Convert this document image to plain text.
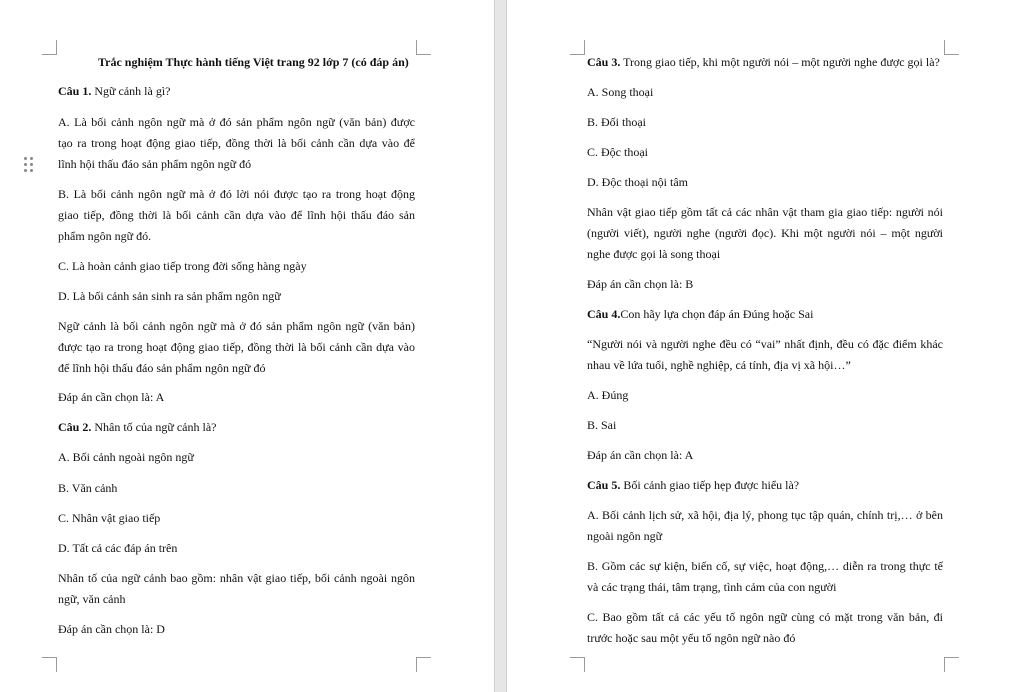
Trắc nghiệm Thực hành tiếng Việt trang 92 lớp 7 (có đáp án)
Câu 1. Ngữ cảnh là gì?
A. Là bối cảnh ngôn ngữ mà ở đó sản phẩm ngôn ngữ (văn bản) được
tạo ra trong hoạt động giao tiếp, đồng thời là bối cảnh cần dựa vào để
lĩnh hội thấu đáo sản phẩm ngôn ngữ đó
B. Là bối cảnh ngôn ngữ mà ở đó lời nói được tạo ra trong hoạt động
giao tiếp, đồng thời là bối cảnh cần dựa vào để lĩnh hội thấu đáo sản
phẩm ngôn ngữ đó.
C. Là hoàn cảnh giao tiếp trong đời sống hàng ngày
D. Là bối cảnh sản sinh ra sản phẩm ngôn ngữ
Ngữ cảnh là bối cảnh ngôn ngữ mà ở đó sản phẩm ngôn ngữ (văn bản)
được tạo ra trong hoạt động giao tiếp, đồng thời là bối cảnh cần dựa vào
để lĩnh hội thấu đáo sản phẩm ngôn ngữ đó
Đáp án cần chọn là: A
Câu 2. Nhân tố của ngữ cảnh là?
A. Bối cảnh ngoài ngôn ngữ
B. Văn cảnh
C. Nhân vật giao tiếp
D. Tất cả các đáp án trên
Nhân tố của ngữ cảnh bao gồm: nhân vật giao tiếp, bối cảnh ngoài ngôn
ngữ, văn cảnh
Đáp án cần chọn là: D
Câu 3. Trong giao tiếp, khi một người nói – một người nghe được gọi là?
A. Song thoại
B. Đối thoại
C. Độc thoại
D. Độc thoại nội tâm
Nhân vật giao tiếp gồm tất cả các nhân vật tham gia giao tiếp: người nói
(người viết), người nghe (người đọc). Khi một người nói – một người
nghe được gọi là song thoại
Đáp án cần chọn là: B
Câu 4.Con hãy lựa chọn đáp án Đúng hoặc Sai
“Người nói và người nghe đều có “vai” nhất định, đều có đặc điểm khác
nhau về lứa tuổi, nghề nghiệp, cá tính, địa vị xã hội…”
A. Đúng
B. Sai
Đáp án cần chọn là: A
Câu 5. Bối cảnh giao tiếp hẹp được hiểu là?
A. Bối cảnh lịch sử, xã hội, địa lý, phong tục tập quán, chính trị,… ở bên
ngoài ngôn ngữ
B. Gồm các sự kiện, biến cố, sự việc, hoạt động,… diễn ra trong thực tế
và các trạng thái, tâm trạng, tình cảm của con người
C. Bao gồm tất cả các yếu tố ngôn ngữ cùng có mặt trong văn bản, đi
trước hoặc sau một yếu tố ngôn ngữ nào đó
